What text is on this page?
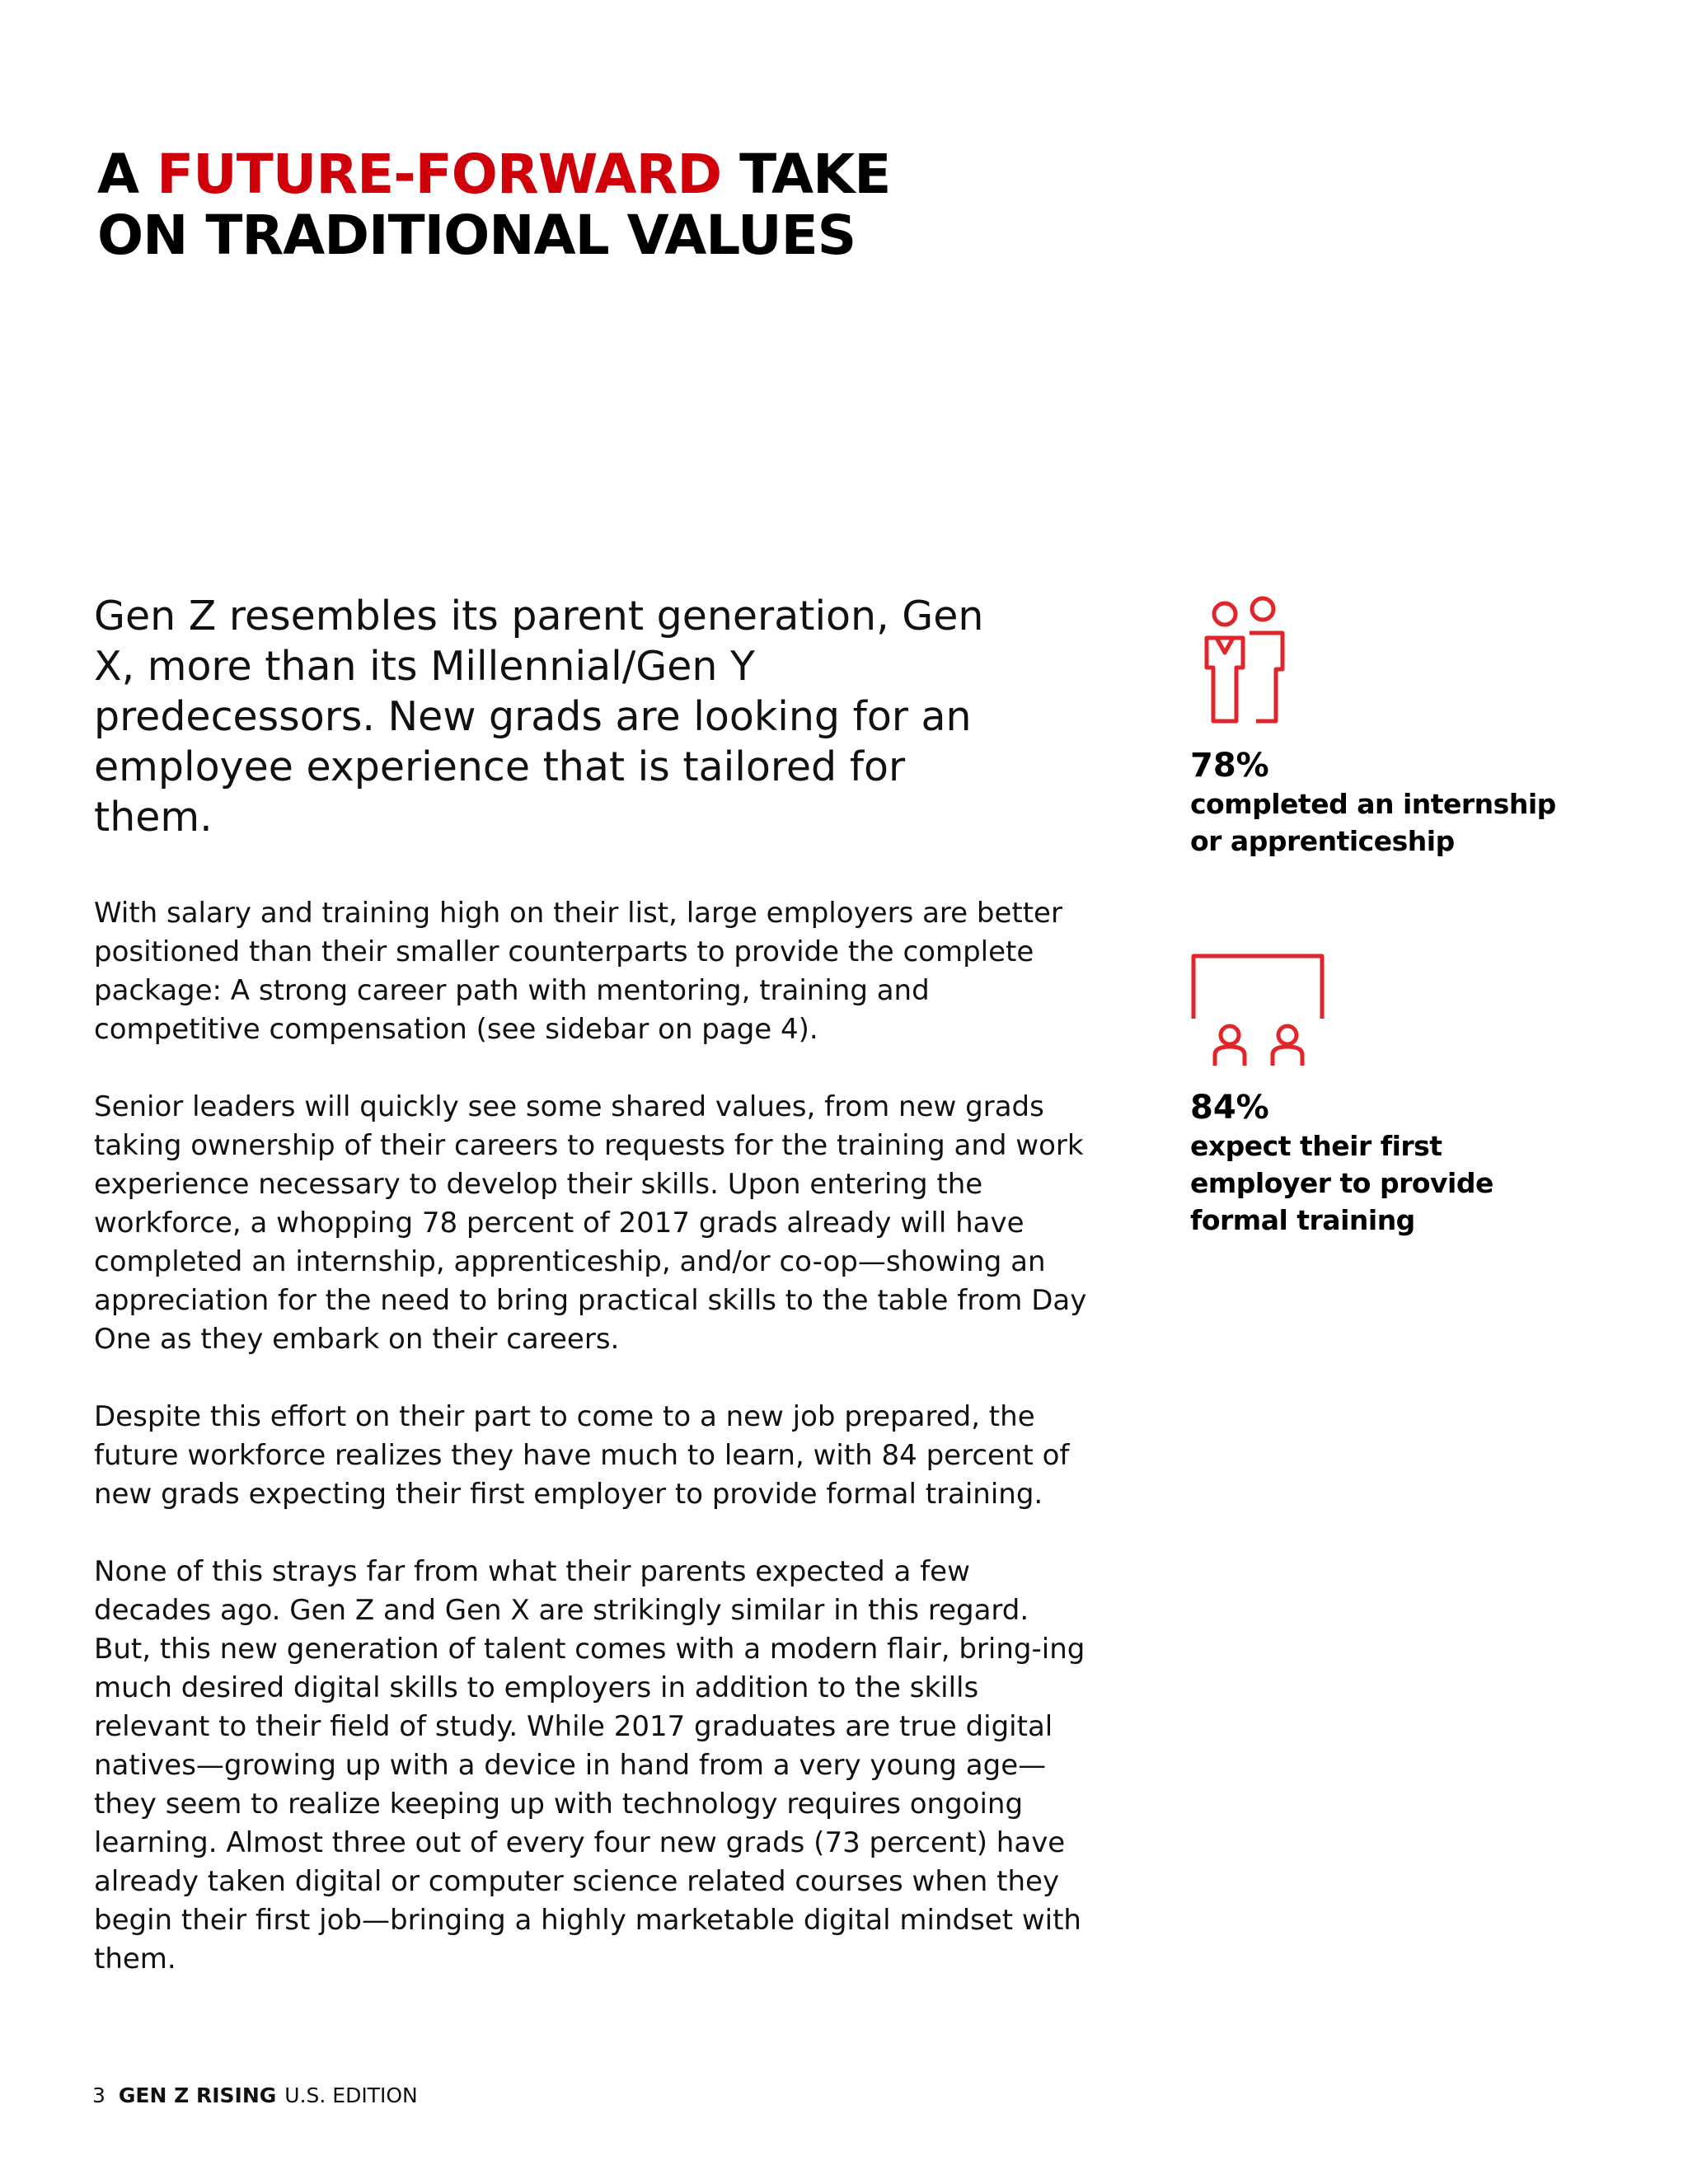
A FUTURE-FORWARD TAKE
ON TRADITIONAL VALUES
Gen Z resembles its parent generation, Gen X, more than its Millennial/Gen Y predecessors. New grads are looking for an employee experience that is tailored for them.

With salary and training high on their list, large employers are better positioned than their smaller counterparts to provide the complete package: A strong career path with mentoring, training and competitive compensation (see sidebar on page 4).

Senior leaders will quickly see some shared values, from new grads taking ownership of their careers to requests for the training and work experience necessary to develop their skills. Upon entering the workforce, a whopping 78 percent of 2017 grads already will have completed an internship, apprenticeship, and/or co-op—showing an appreciation for the need to bring practical skills to the table from Day One as they embark on their careers.

Despite this effort on their part to come to a new job prepared, the future workforce realizes they have much to learn, with 84 percent of new grads expecting their first employer to provide formal training.

None of this strays far from what their parents expected a few decades ago. Gen Z and Gen X are strikingly similar in this regard. But, this new generation of talent comes with a modern flair, bring-ing much desired digital skills to employers in addition to the skills relevant to their field of study. While 2017 graduates are true digital natives—growing up with a device in hand from a very young age—they seem to realize keeping up with technology requires ongoing learning. Almost three out of every four new grads (73 percent) have already taken digital or computer science related courses when they begin their first job—bringing a highly marketable digital mindset with them.

78%
completed an internship
or apprenticeship
84%
expect their first
employer to provide
formal training
3 GEN Z RISING U.S. EDITION
